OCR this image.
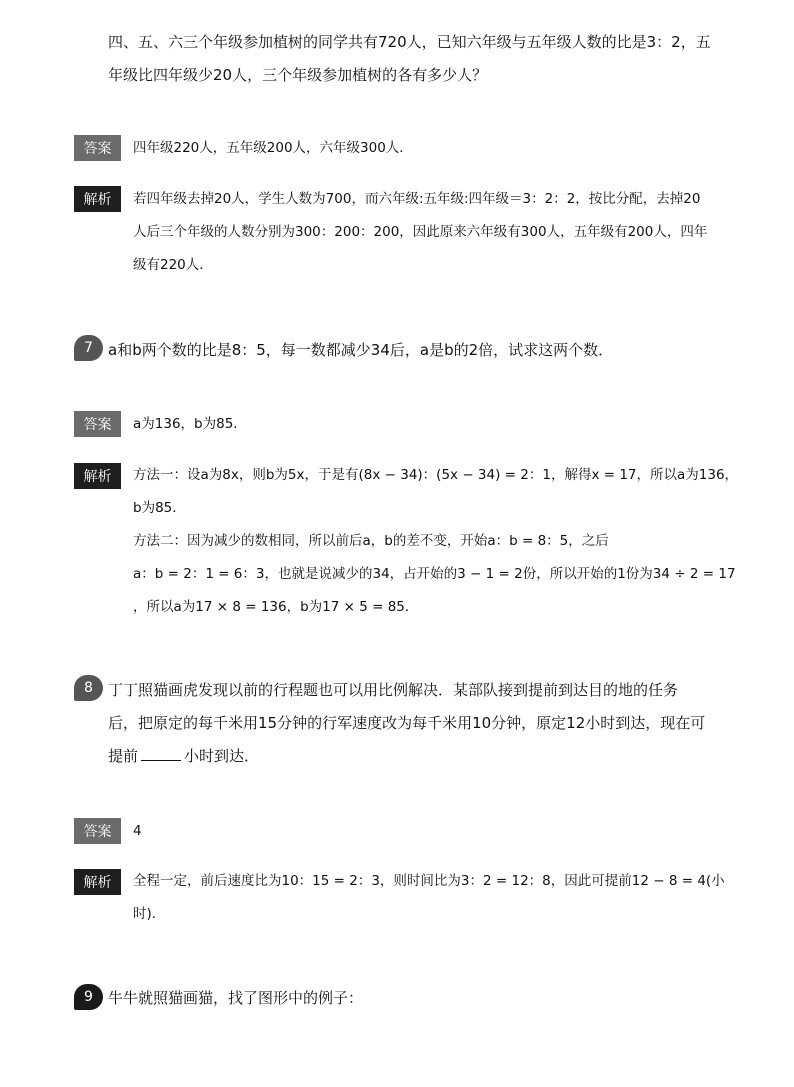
四、五、六三个年级参加植树的同学共有720人，已知六年级与五年级人数的比是3：2，五
年级比四年级少20人，三个年级参加植树的各有多少人？
答案	四年级220人，五年级200人，六年级300人．
解析	若四年级去掉20人，学生人数为700，而六年级:五年级:四年级＝3：2：2，按比分配，去掉20
人后三个年级的人数分别为300：200：200，因此原来六年级有300人，五年级有200人，四年
级有220人．
7	a和b两个数的比是8：5，每一数都减少34后，a是b的2倍，试求这两个数．
答案	a为136，b为85．
解析	方法一：设a为8x，则b为5x，于是有(8x − 34)：(5x − 34) = 2：1，解得x = 17，所以a为136，
b为85．
方法二：因为减少的数相同，所以前后a，b的差不变，开始a：b = 8：5，之后
a：b = 2：1 = 6：3，也就是说减少的34，占开始的3 − 1 = 2份，所以开始的1份为34 ÷ 2 = 17
，所以a为17 × 8 = 136，b为17 × 5 = 85．
8	丁丁照猫画虎发现以前的行程题也可以用比例解决．某部队接到提前到达目的地的任务
后，把原定的每千米用15分钟的行军速度改为每千米用10分钟，原定12小时到达，现在可
提前	小时到达．
答案	4
解析	全程一定，前后速度比为10：15 = 2：3，则时间比为3：2 = 12：8，因此可提前12 − 8 = 4(小
时)．
9	牛牛就照猫画猫，找了图形中的例子：
